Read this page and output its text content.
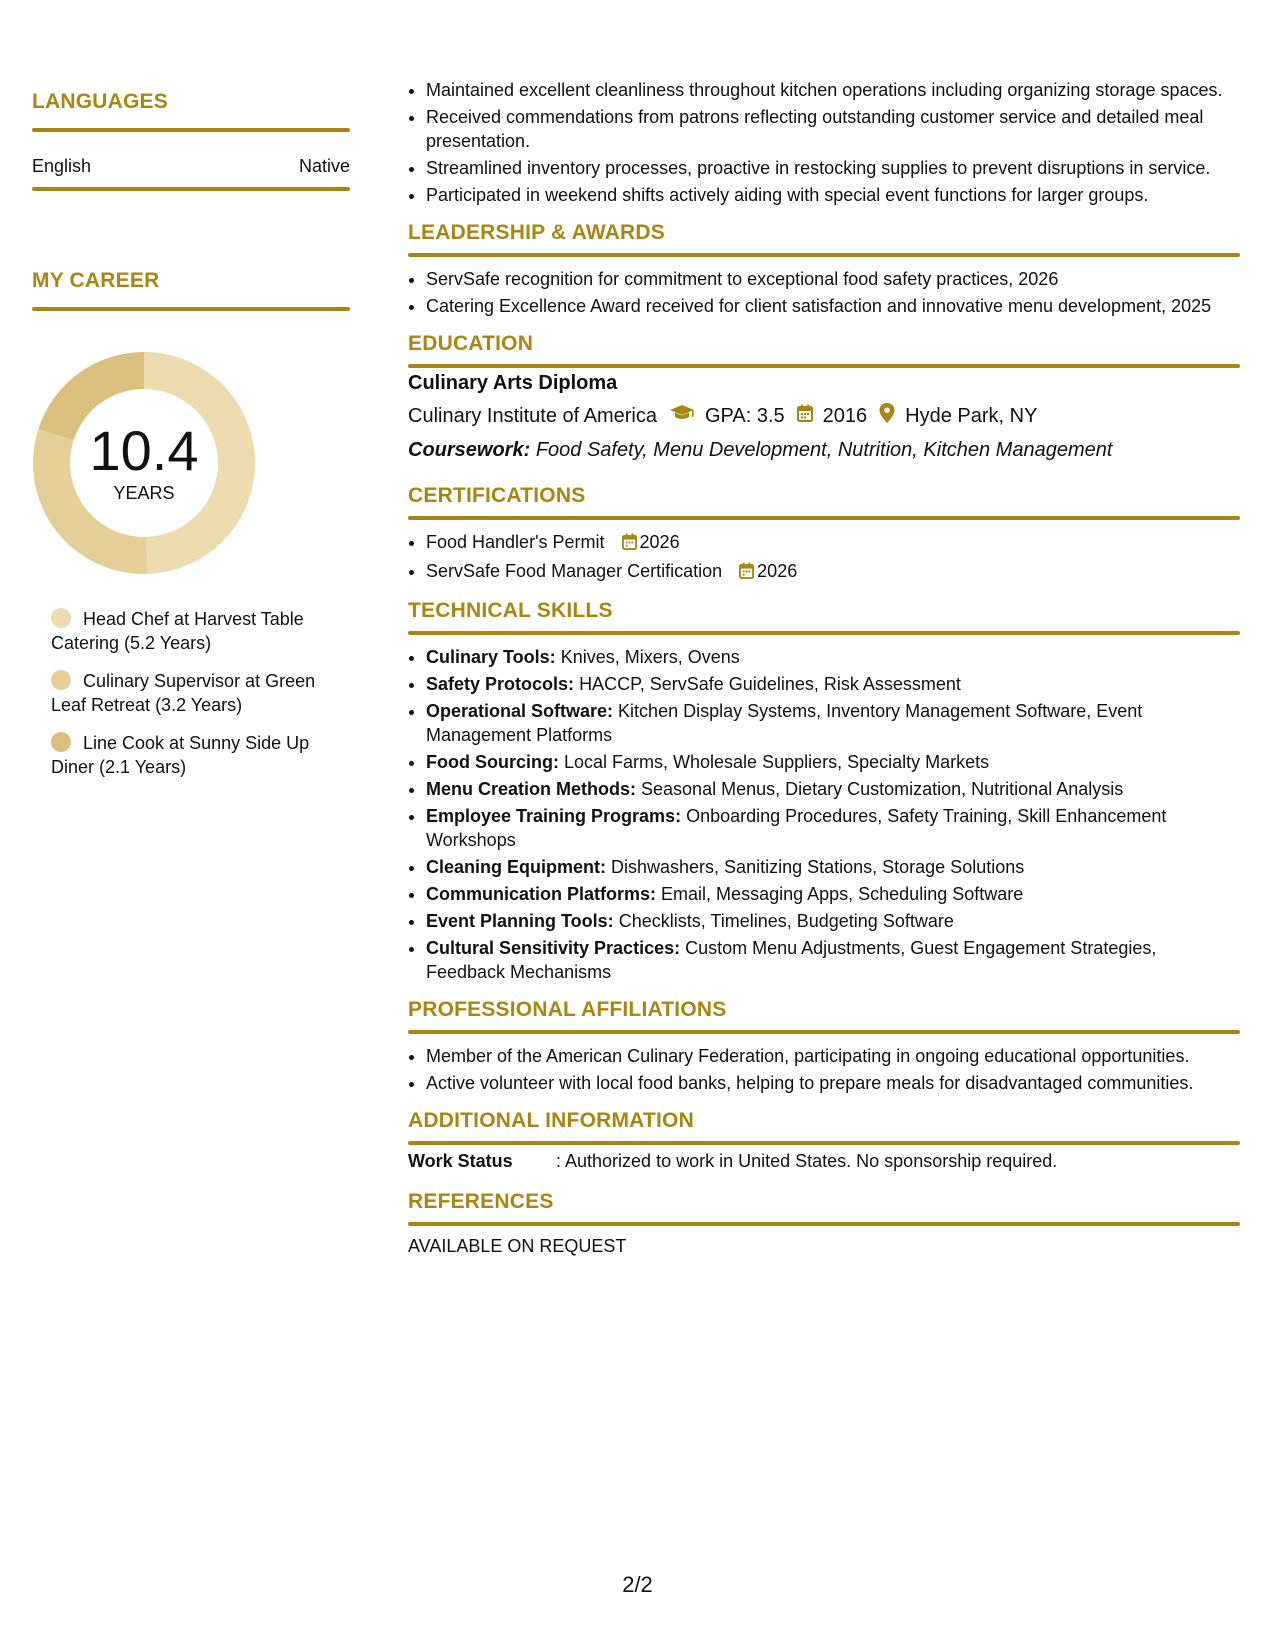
LANGUAGES
English	Native
MY CAREER
10.4
YEARS
Head Chef at Harvest Table Catering (5.2 Years)
Culinary Supervisor at Green Leaf Retreat (3.2 Years)
Line Cook at Sunny Side Up Diner (2.1 Years)
• Maintained excellent cleanliness throughout kitchen operations including organizing storage spaces.
• Received commendations from patrons reflecting outstanding customer service and detailed meal presentation.
• Streamlined inventory processes, proactive in restocking supplies to prevent disruptions in service.
• Participated in weekend shifts actively aiding with special event functions for larger groups.
LEADERSHIP & AWARDS
• ServSafe recognition for commitment to exceptional food safety practices, 2026
• Catering Excellence Award received for client satisfaction and innovative menu development, 2025
EDUCATION
Culinary Arts Diploma
Culinary Institute of America GPA: 3.5 2016 Hyde Park, NY
Coursework: Food Safety, Menu Development, Nutrition, Kitchen Management
CERTIFICATIONS
• Food Handler's Permit 2026
• ServSafe Food Manager Certification 2026
TECHNICAL SKILLS
• Culinary Tools: Knives, Mixers, Ovens
• Safety Protocols: HACCP, ServSafe Guidelines, Risk Assessment
• Operational Software: Kitchen Display Systems, Inventory Management Software, Event Management Platforms
• Food Sourcing: Local Farms, Wholesale Suppliers, Specialty Markets
• Menu Creation Methods: Seasonal Menus, Dietary Customization, Nutritional Analysis
• Employee Training Programs: Onboarding Procedures, Safety Training, Skill Enhancement Workshops
• Cleaning Equipment: Dishwashers, Sanitizing Stations, Storage Solutions
• Communication Platforms: Email, Messaging Apps, Scheduling Software
• Event Planning Tools: Checklists, Timelines, Budgeting Software
• Cultural Sensitivity Practices: Custom Menu Adjustments, Guest Engagement Strategies, Feedback Mechanisms
PROFESSIONAL AFFILIATIONS
• Member of the American Culinary Federation, participating in ongoing educational opportunities.
• Active volunteer with local food banks, helping to prepare meals for disadvantaged communities.
ADDITIONAL INFORMATION
Work Status	: Authorized to work in United States. No sponsorship required.
REFERENCES
AVAILABLE ON REQUEST
2/2
